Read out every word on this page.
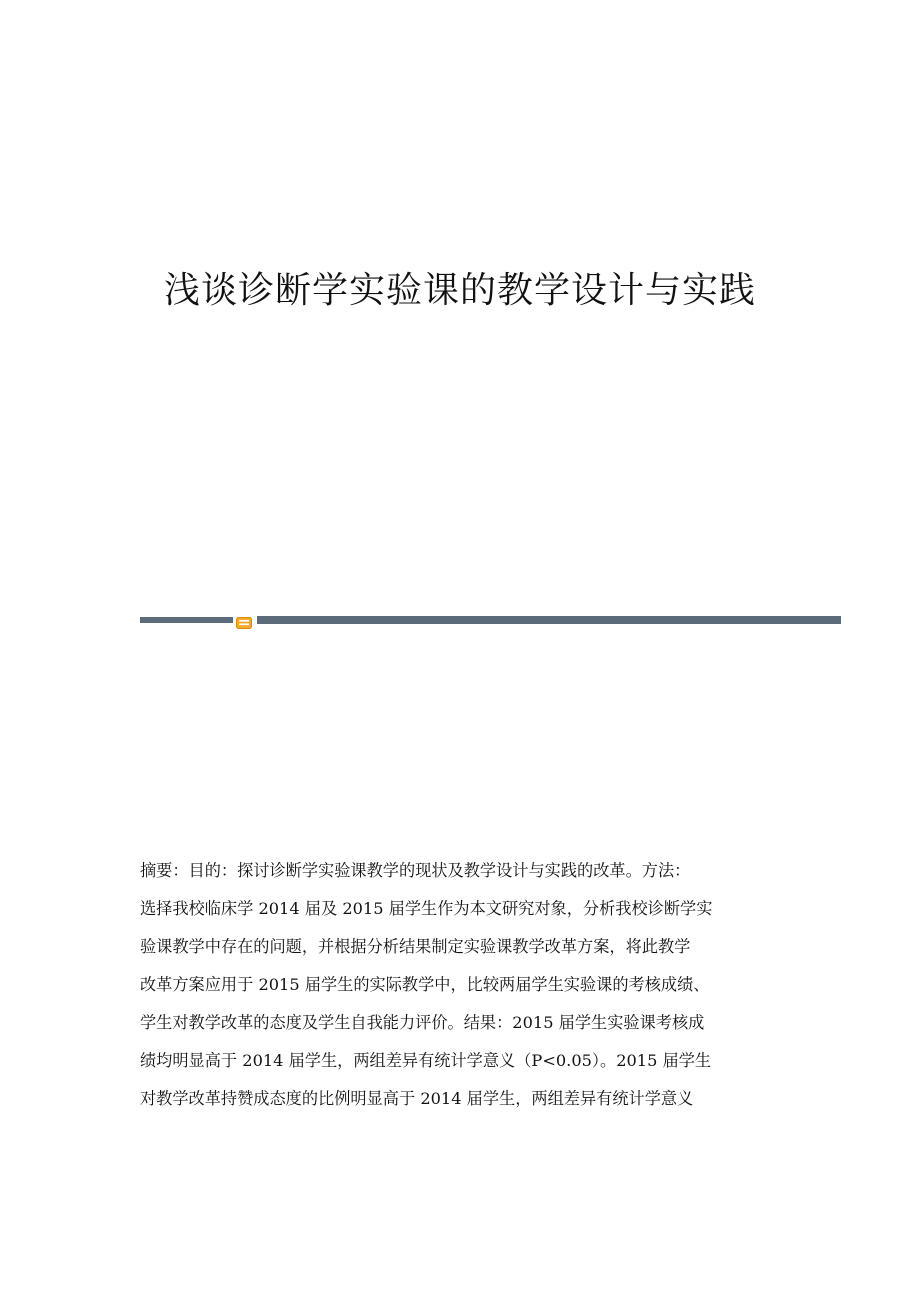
浅谈诊断学实验课的教学设计与实践
摘要：目的：探讨诊断学实验课教学的现状及教学设计与实践的改革。方法：
选择我校临床学 2014 届及 2015 届学生作为本文研究对象，分析我校诊断学实
验课教学中存在的问题，并根据分析结果制定实验课教学改革方案，将此教学
改革方案应用于 2015 届学生的实际教学中，比较两届学生实验课的考核成绩、
学生对教学改革的态度及学生自我能力评价。结果：2015 届学生实验课考核成
绩均明显高于 2014 届学生，两组差异有统计学意义（P<0.05）。2015 届学生
对教学改革持赞成态度的比例明显高于 2014 届学生，两组差异有统计学意义
